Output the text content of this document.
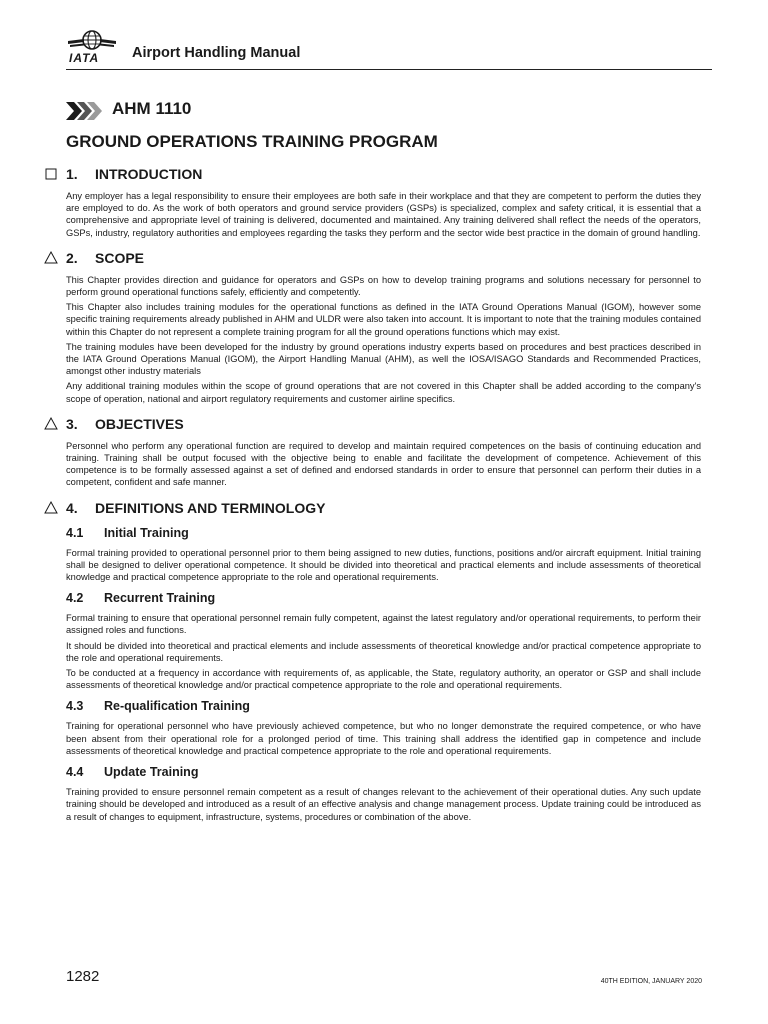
IATA Airport Handling Manual
AHM 1110
GROUND OPERATIONS TRAINING PROGRAM
1. INTRODUCTION

Any employer has a legal responsibility to ensure their employees are both safe in their workplace and that they are competent to perform the duties they are employed to do. As the work of both operators and ground service providers (GSPs) is specialized, complex and safety critical, it is essential that a comprehensive and appropriate level of training is delivered, documented and maintained. Any training delivered shall reflect the needs of the operators, GSPs, industry, regulatory authorities and employees regarding the tasks they perform and the sector wide best practice in the domain of ground handling.

2. SCOPE

This Chapter provides direction and guidance for operators and GSPs on how to develop training programs and solutions necessary for personnel to perform ground operational functions safely, efficiently and competently.

This Chapter also includes training modules for the operational functions as defined in the IATA Ground Operations Manual (IGOM), however some specific training requirements already published in AHM and ULDR were also taken into account. It is important to note that the training modules contained within this Chapter do not represent a complete training program for all the ground operations functions which may exist.

The training modules have been developed for the industry by ground operations industry experts based on procedures and best practices described in the IATA Ground Operations Manual (IGOM), the Airport Handling Manual (AHM), as well the IOSA/ISAGO Standards and Recommended Practices, amongst other industry materials

Any additional training modules within the scope of ground operations that are not covered in this Chapter shall be added according to the company's scope of operation, national and airport regulatory requirements and customer airline specifics.

3. OBJECTIVES

Personnel who perform any operational function are required to develop and maintain required competences on the basis of continuing education and training. Training shall be output focused with the objective being to enable and facilitate the development of competence. Achievement of this competence is to be formally assessed against a set of defined and endorsed standards in order to ensure that personnel can perform their duties in a competent, confident and safe manner.

4. DEFINITIONS AND TERMINOLOGY
4.1 Initial Training

Formal training provided to operational personnel prior to them being assigned to new duties, functions, positions and/or aircraft equipment. Initial training shall be designed to deliver operational competence. It should be divided into theoretical and practical elements and include assessments of theoretical knowledge and practical competence appropriate to the role and operational requirements.

4.2 Recurrent Training

Formal training to ensure that operational personnel remain fully competent, against the latest regulatory and/or operational requirements, to perform their assigned roles and functions.

It should be divided into theoretical and practical elements and include assessments of theoretical knowledge and/or practical competence appropriate to the role and operational requirements.

To be conducted at a frequency in accordance with requirements of, as applicable, the State, regulatory authority, an operator or GSP and shall include assessments of theoretical knowledge and/or practical competence appropriate to the role and operational requirements.

4.3 Re-qualification Training

Training for operational personnel who have previously achieved competence, but who no longer demonstrate the required competence, or who have been absent from their operational role for a prolonged period of time. This training shall address the identified gap in competence and include assessments of theoretical knowledge and practical competence appropriate to the role and operational requirements.

4.4 Update Training

Training provided to ensure personnel remain competent as a result of changes relevant to the achievement of their operational duties. Any such update training should be developed and introduced as a result of an effective analysis and change management process. Update training could be introduced as a result of changes to equipment, infrastructure, systems, procedures or combination of the above.

1282	40TH EDITION, JANUARY 2020
